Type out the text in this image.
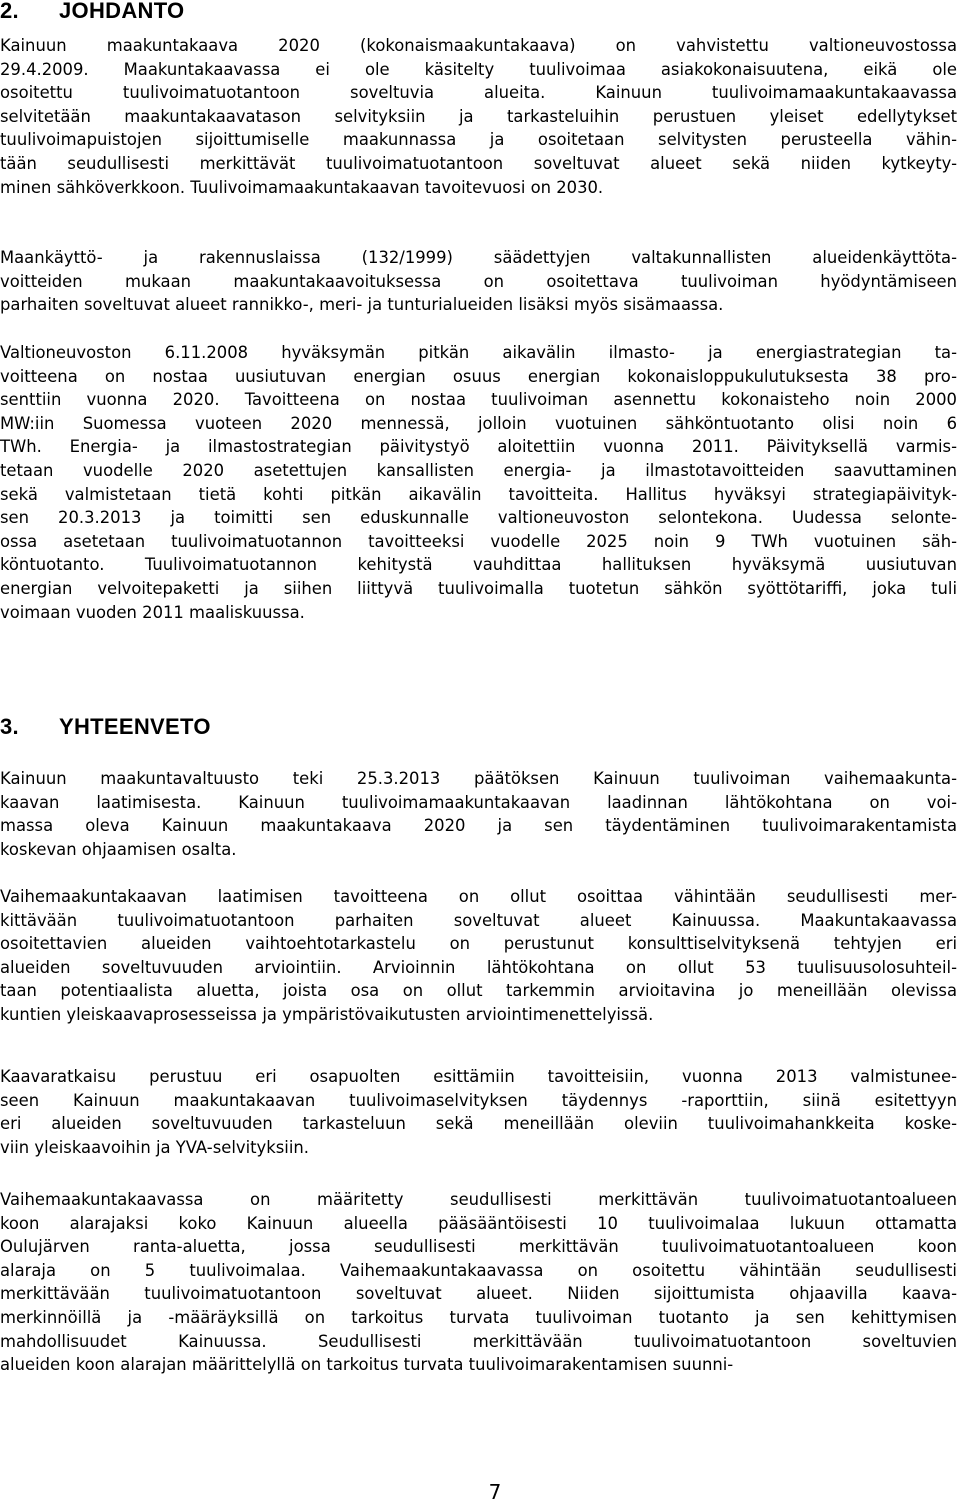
2. JOHDANTO
Kainuun maakuntakaava 2020 (kokonaismaakuntakaava) on vahvistettu valtioneuvostossa
29.4.2009. Maakuntakaavassa ei ole käsitelty tuulivoimaa asiakokonaisuutena, eikä ole
osoitettu tuulivoimatuotantoon soveltuvia alueita. Kainuun tuulivoimamaakuntakaavassa
selvitetään maakuntakaavatason selvityksiin ja tarkasteluihin perustuen yleiset edellytykset
tuulivoimapuistojen sijoittumiselle maakunnassa ja osoitetaan selvitysten perusteella vähin-
tään seudullisesti merkittävät tuulivoimatuotantoon soveltuvat alueet sekä niiden kytkeyty-
minen sähköverkkoon. Tuulivoimamaakuntakaavan tavoitevuosi on 2030.
Maankäyttö- ja rakennuslaissa (132/1999) säädettyjen valtakunnallisten alueidenkäyttöta-
voitteiden mukaan maakuntakaavoituksessa on osoitettava tuulivoiman hyödyntämiseen
parhaiten soveltuvat alueet rannikko-, meri- ja tunturialueiden lisäksi myös sisämaassa.
Valtioneuvoston 6.11.2008 hyväksymän pitkän aikavälin ilmasto- ja energiastrategian ta-
voitteena on nostaa uusiutuvan energian osuus energian kokonaisloppukulutuksesta 38 pro-
senttiin vuonna 2020. Tavoitteena on nostaa tuulivoiman asennettu kokonaisteho noin 2000
MW:iin Suomessa vuoteen 2020 mennessä, jolloin vuotuinen sähköntuotanto olisi noin 6
TWh. Energia- ja ilmastostrategian päivitystyö aloitettiin vuonna 2011. Päivityksellä varmis-
tetaan vuodelle 2020 asetettujen kansallisten energia- ja ilmastotavoitteiden saavuttaminen
sekä valmistetaan tietä kohti pitkän aikavälin tavoitteita. Hallitus hyväksyi strategiapäivityk-
sen 20.3.2013 ja toimitti sen eduskunnalle valtioneuvoston selontekona. Uudessa selonte-
ossa asetetaan tuulivoimatuotannon tavoitteeksi vuodelle 2025 noin 9 TWh vuotuinen säh-
köntuotanto. Tuulivoimatuotannon kehitystä vauhdittaa hallituksen hyväksymä uusiutuvan
energian velvoitepaketti ja siihen liittyvä tuulivoimalla tuotetun sähkön syöttötariffi, joka tuli
voimaan vuoden 2011 maaliskuussa.
3. YHTEENVETO
Kainuun maakuntavaltuusto teki 25.3.2013 päätöksen Kainuun tuulivoiman vaihemaakunta-
kaavan laatimisesta. Kainuun tuulivoimamaakuntakaavan laadinnan lähtökohtana on voi-
massa oleva Kainuun maakuntakaava 2020 ja sen täydentäminen tuulivoimarakentamista
koskevan ohjaamisen osalta.
Vaihemaakuntakaavan laatimisen tavoitteena on ollut osoittaa vähintään seudullisesti mer-
kittävään tuulivoimatuotantoon parhaiten soveltuvat alueet Kainuussa. Maakuntakaavassa
osoitettavien alueiden vaihtoehtotarkastelu on perustunut konsulttiselvityksenä tehtyjen eri
alueiden soveltuvuuden arviointiin. Arvioinnin lähtökohtana on ollut 53 tuulisuusolosuhteil-
taan potentiaalista aluetta, joista osa on ollut tarkemmin arvioitavina jo meneillään olevissa
kuntien yleiskaavaprosesseissa ja ympäristövaikutusten arviointimenettelyissä.
Kaavaratkaisu perustuu eri osapuolten esittämiin tavoitteisiin, vuonna 2013 valmistunee-
seen Kainuun maakuntakaavan tuulivoimaselvityksen täydennys -raporttiin, siinä esitettyyn
eri alueiden soveltuvuuden tarkasteluun sekä meneillään oleviin tuulivoimahankkeita koske-
viin yleiskaavoihin ja YVA-selvityksiin.
Vaihemaakuntakaavassa on määritetty seudullisesti merkittävän tuulivoimatuotantoalueen
koon alarajaksi koko Kainuun alueella pääsääntöisesti 10 tuulivoimalaa lukuun ottamatta
Oulujärven ranta-aluetta, jossa seudullisesti merkittävän tuulivoimatuotantoalueen koon
alaraja on 5 tuulivoimalaa. Vaihemaakuntakaavassa on osoitettu vähintään seudullisesti
merkittävään tuulivoimatuotantoon soveltuvat alueet. Niiden sijoittumista ohjaavilla kaava-
merkinnöillä ja -määräyksillä on tarkoitus turvata tuulivoiman tuotanto ja sen kehittymisen
mahdollisuudet Kainuussa. Seudullisesti merkittävään tuulivoimatuotantoon soveltuvien
alueiden koon alarajan määrittelyllä on tarkoitus turvata tuulivoimarakentamisen suunni-
7
